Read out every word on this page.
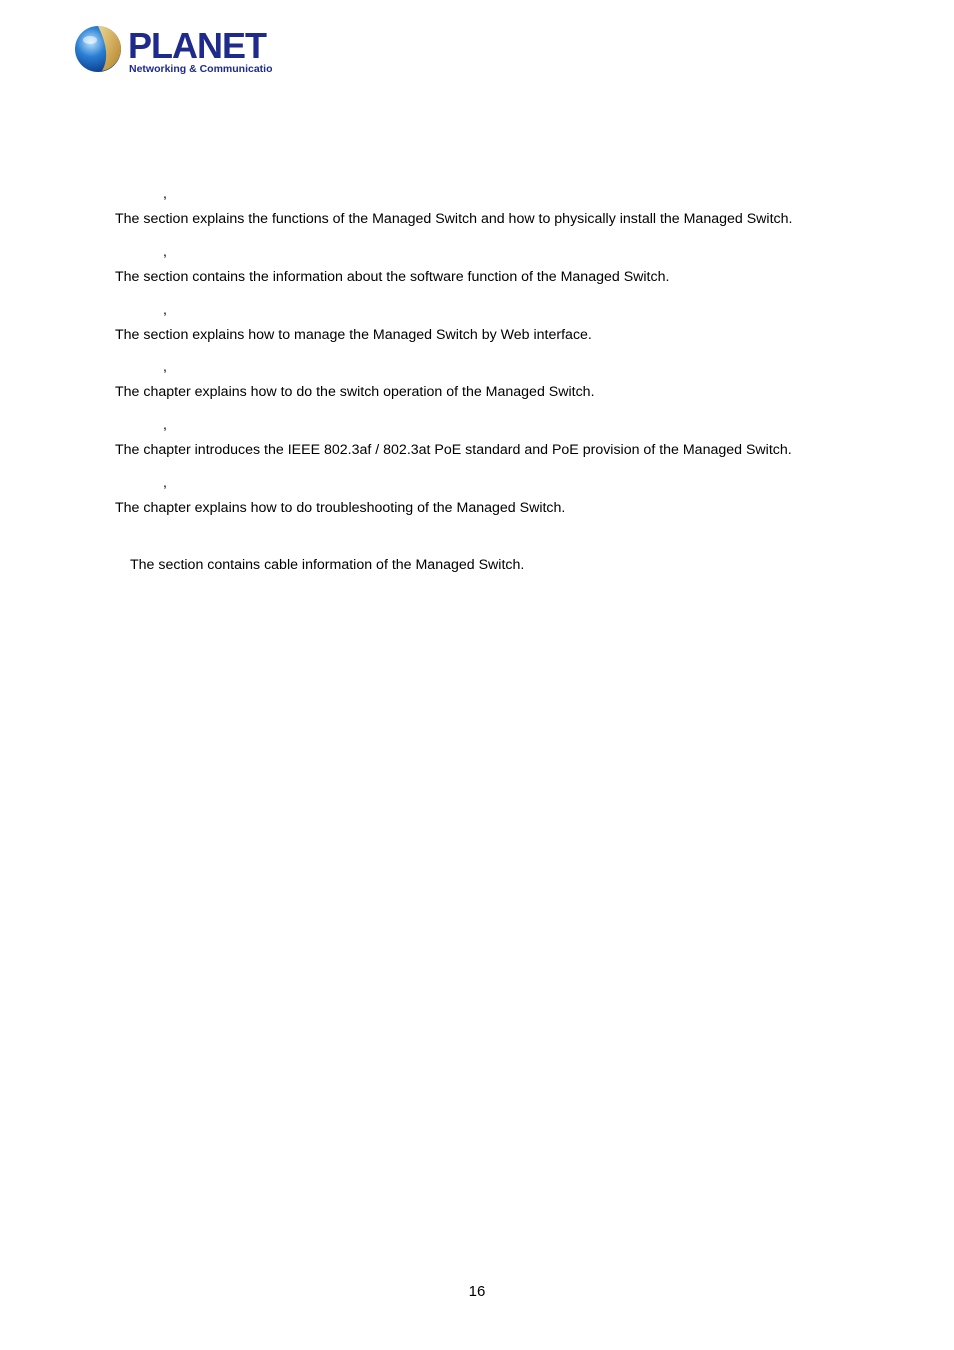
PLANET
Networking & Communication
,
The section explains the functions of the Managed Switch and how to physically install the Managed Switch.
,
The section contains the information about the software function of the Managed Switch.
,
The section explains how to manage the Managed Switch by Web interface.
,
The chapter explains how to do the switch operation of the Managed Switch.
,
The chapter introduces the IEEE 802.3af / 802.3at PoE standard and PoE provision of the Managed Switch.
,
The chapter explains how to do troubleshooting of the Managed Switch.
The section contains cable information of the Managed Switch.
16
